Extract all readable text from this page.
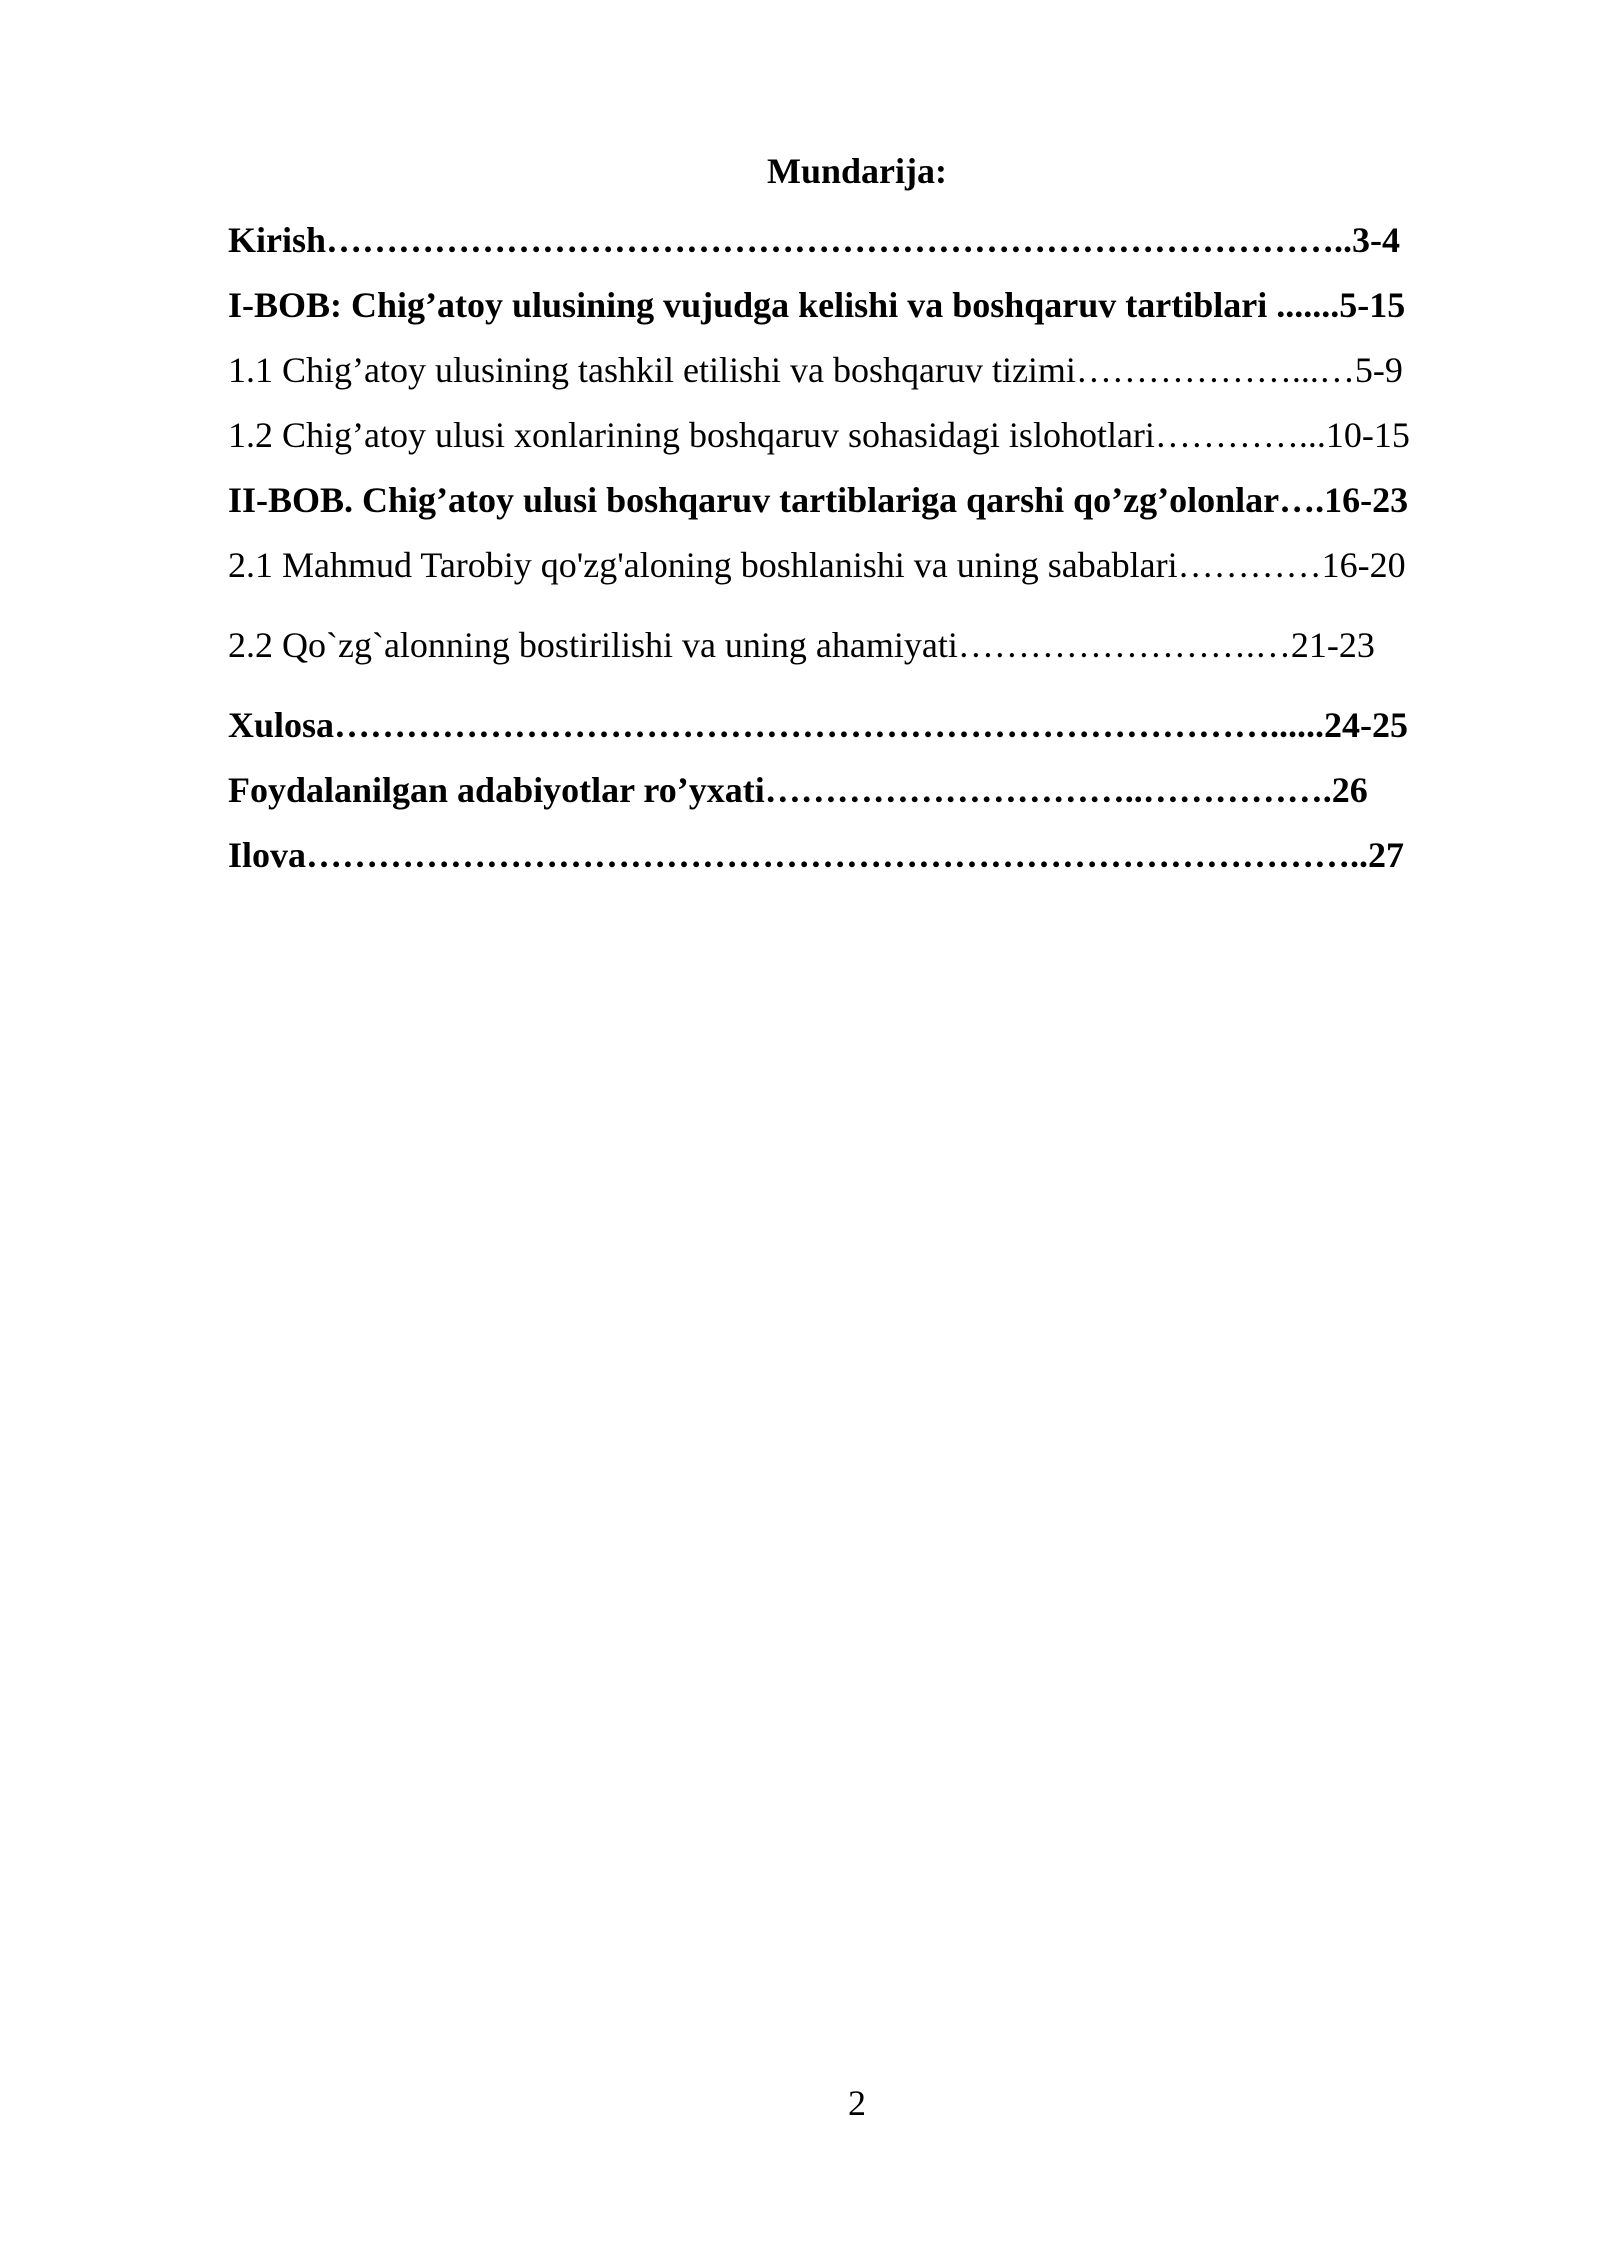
Mundarija:
Kirish…………………………………………………………………………..3-4
I-BOB: Chig’atoy ulusining vujudga kelishi va boshqaruv tartiblari .......5-15
1.1 Chig’atoy ulusining tashkil etilishi va boshqaruv tizimi………………...…5-9
1.2 Chig’atoy ulusi xonlarining boshqaruv sohasidagi islohotlari…………...10-15
II-BOB. Chig’atoy ulusi boshqaruv tartiblariga qarshi qo’zg’olonlar….16-23
2.1 Mahmud Tarobiy qo'zg'aloning boshlanishi va uning sabablari…………16-20
2.2 Qo`zg`alonning bostirilishi va uning ahamiyati…………………….…21-23
Xulosa……………………………………………………………………......24-25
Foydalanilgan adabiyotlar ro’yxati…………………………..…………….26
Ilova……………………………………………………………………………..27
2
